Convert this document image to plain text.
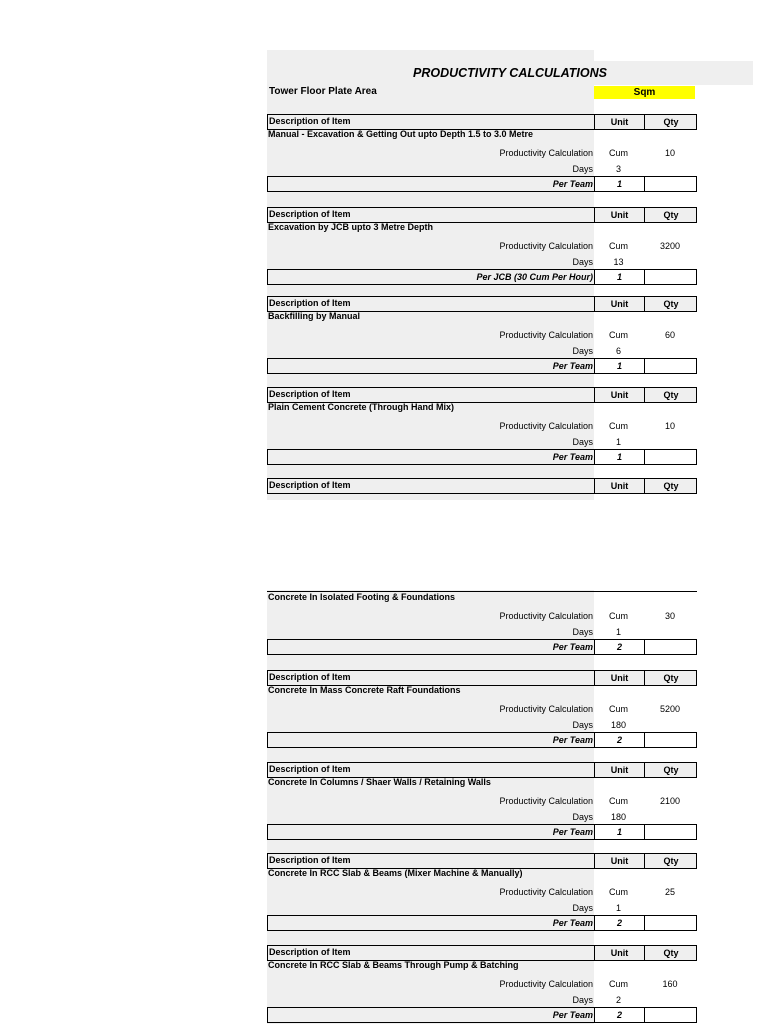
PRODUCTIVITY CALCULATIONS
Tower Floor Plate Area	Sqm
Description of Item	Unit	Qty
Manual - Excavation & Getting Out upto Depth 1.5 to 3.0 Metre
Productivity Calculation	Cum	10
Days	3
Per Team	1
Description of Item	Unit	Qty
Excavation by JCB upto 3 Metre Depth
Productivity Calculation	Cum	3200
Days	13
Per JCB (30 Cum Per Hour)	1
Description of Item	Unit	Qty
Backfilling by Manual
Productivity Calculation	Cum	60
Days	6
Per Team	1
Description of Item	Unit	Qty
Plain Cement Concrete (Through Hand Mix)
Productivity Calculation	Cum	10
Days	1
Per Team	1
Description of Item	Unit	Qty
Concrete In Isolated Footing & Foundations
Productivity Calculation	Cum	30
Days	1
Per Team	2
Description of Item	Unit	Qty
Concrete In Mass Concrete Raft Foundations
Productivity Calculation	Cum	5200
Days	180
Per Team	2
Description of Item	Unit	Qty
Concrete In Columns / Shaer Walls / Retaining Walls
Productivity Calculation	Cum	2100
Days	180
Per Team	1
Description of Item	Unit	Qty
Concrete In RCC Slab & Beams (Mixer Machine & Manually)
Productivity Calculation	Cum	25
Days	1
Per Team	2
Description of Item	Unit	Qty
Concrete In RCC Slab & Beams Through Pump & Batching
Productivity Calculation	Cum	160
Days	2
Per Team	2
